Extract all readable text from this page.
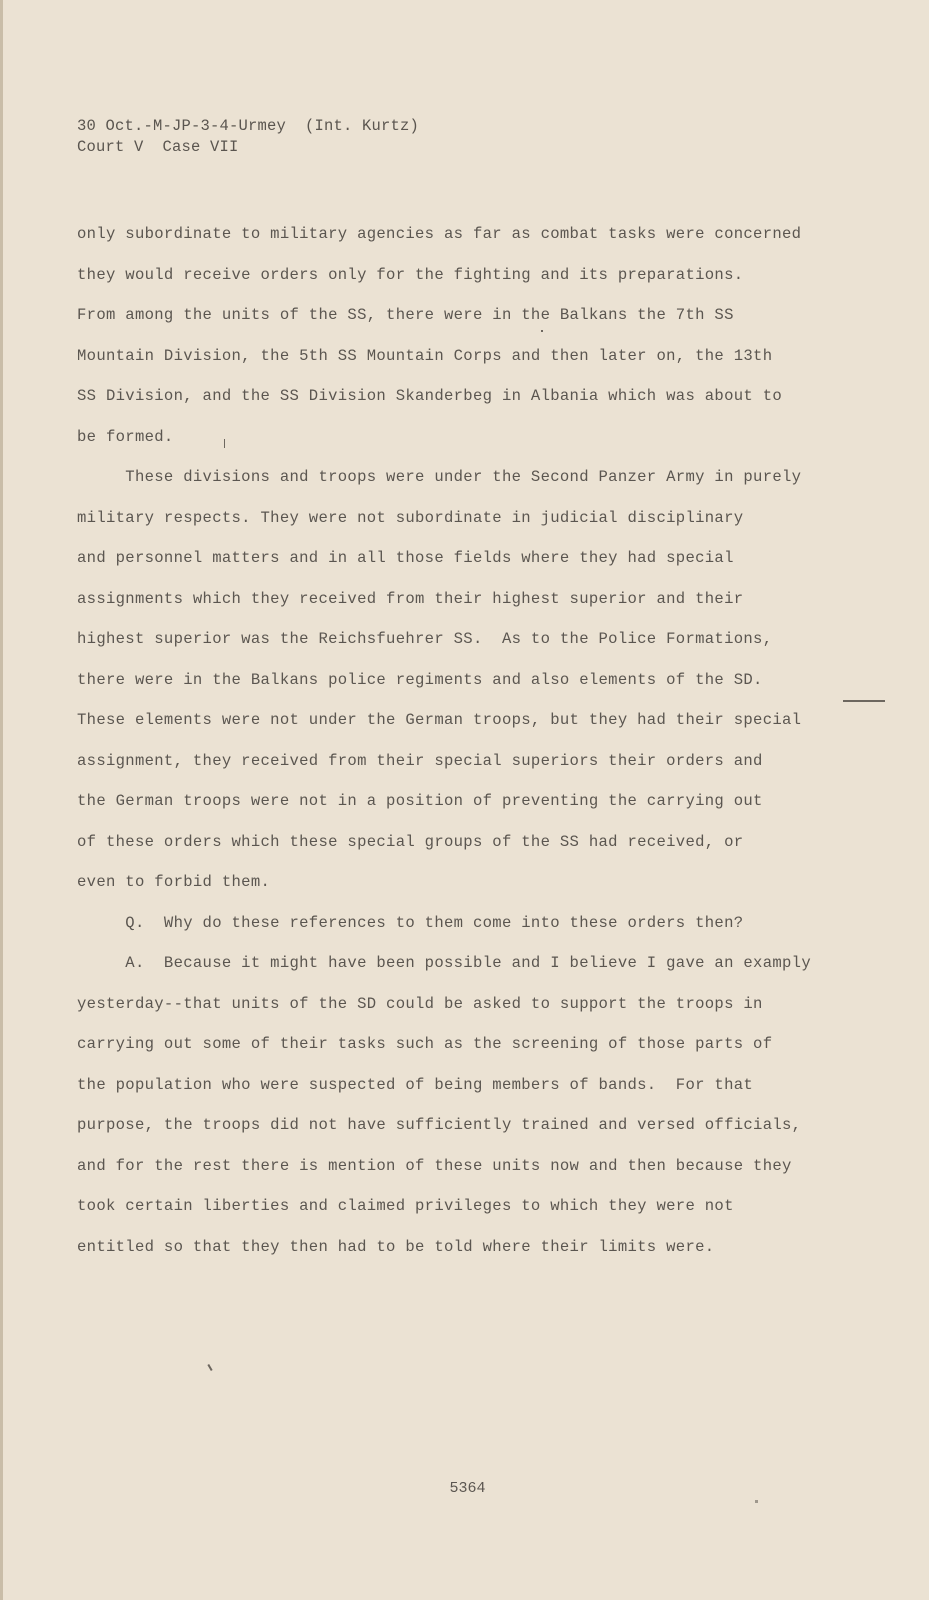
30 Oct.-M-JP-3-4-Urmey  (Int. Kurtz)
Court V  Case VII
only subordinate to military agencies as far as combat tasks were concerned
they would receive orders only for the fighting and its preparations.
From among the units of the SS, there were in the Balkans the 7th SS
Mountain Division, the 5th SS Mountain Corps and then later on, the 13th
SS Division, and the SS Division Skanderbeg in Albania which was about to
be formed.
These divisions and troops were under the Second Panzer Army in purely
military respects. They were not subordinate in judicial disciplinary
and personnel matters and in all those fields where they had special
assignments which they received from their highest superior and their
highest superior was the Reichsfuehrer SS.  As to the Police Formations,
there were in the Balkans police regiments and also elements of the SD.
These elements were not under the German troops, but they had their special
assignment, they received from their special superiors their orders and
the German troops were not in a position of preventing the carrying out
of these orders which these special groups of the SS had received, or
even to forbid them.
Q.  Why do these references to them come into these orders then?
A.  Because it might have been possible and I believe I gave an examply
yesterday--that units of the SD could be asked to support the troops in
carrying out some of their tasks such as the screening of those parts of
the population who were suspected of being members of bands.  For that
purpose, the troops did not have sufficiently trained and versed officials,
and for the rest there is mention of these units now and then because they
took certain liberties and claimed privileges to which they were not
entitled so that they then had to be told where their limits were.
5364
